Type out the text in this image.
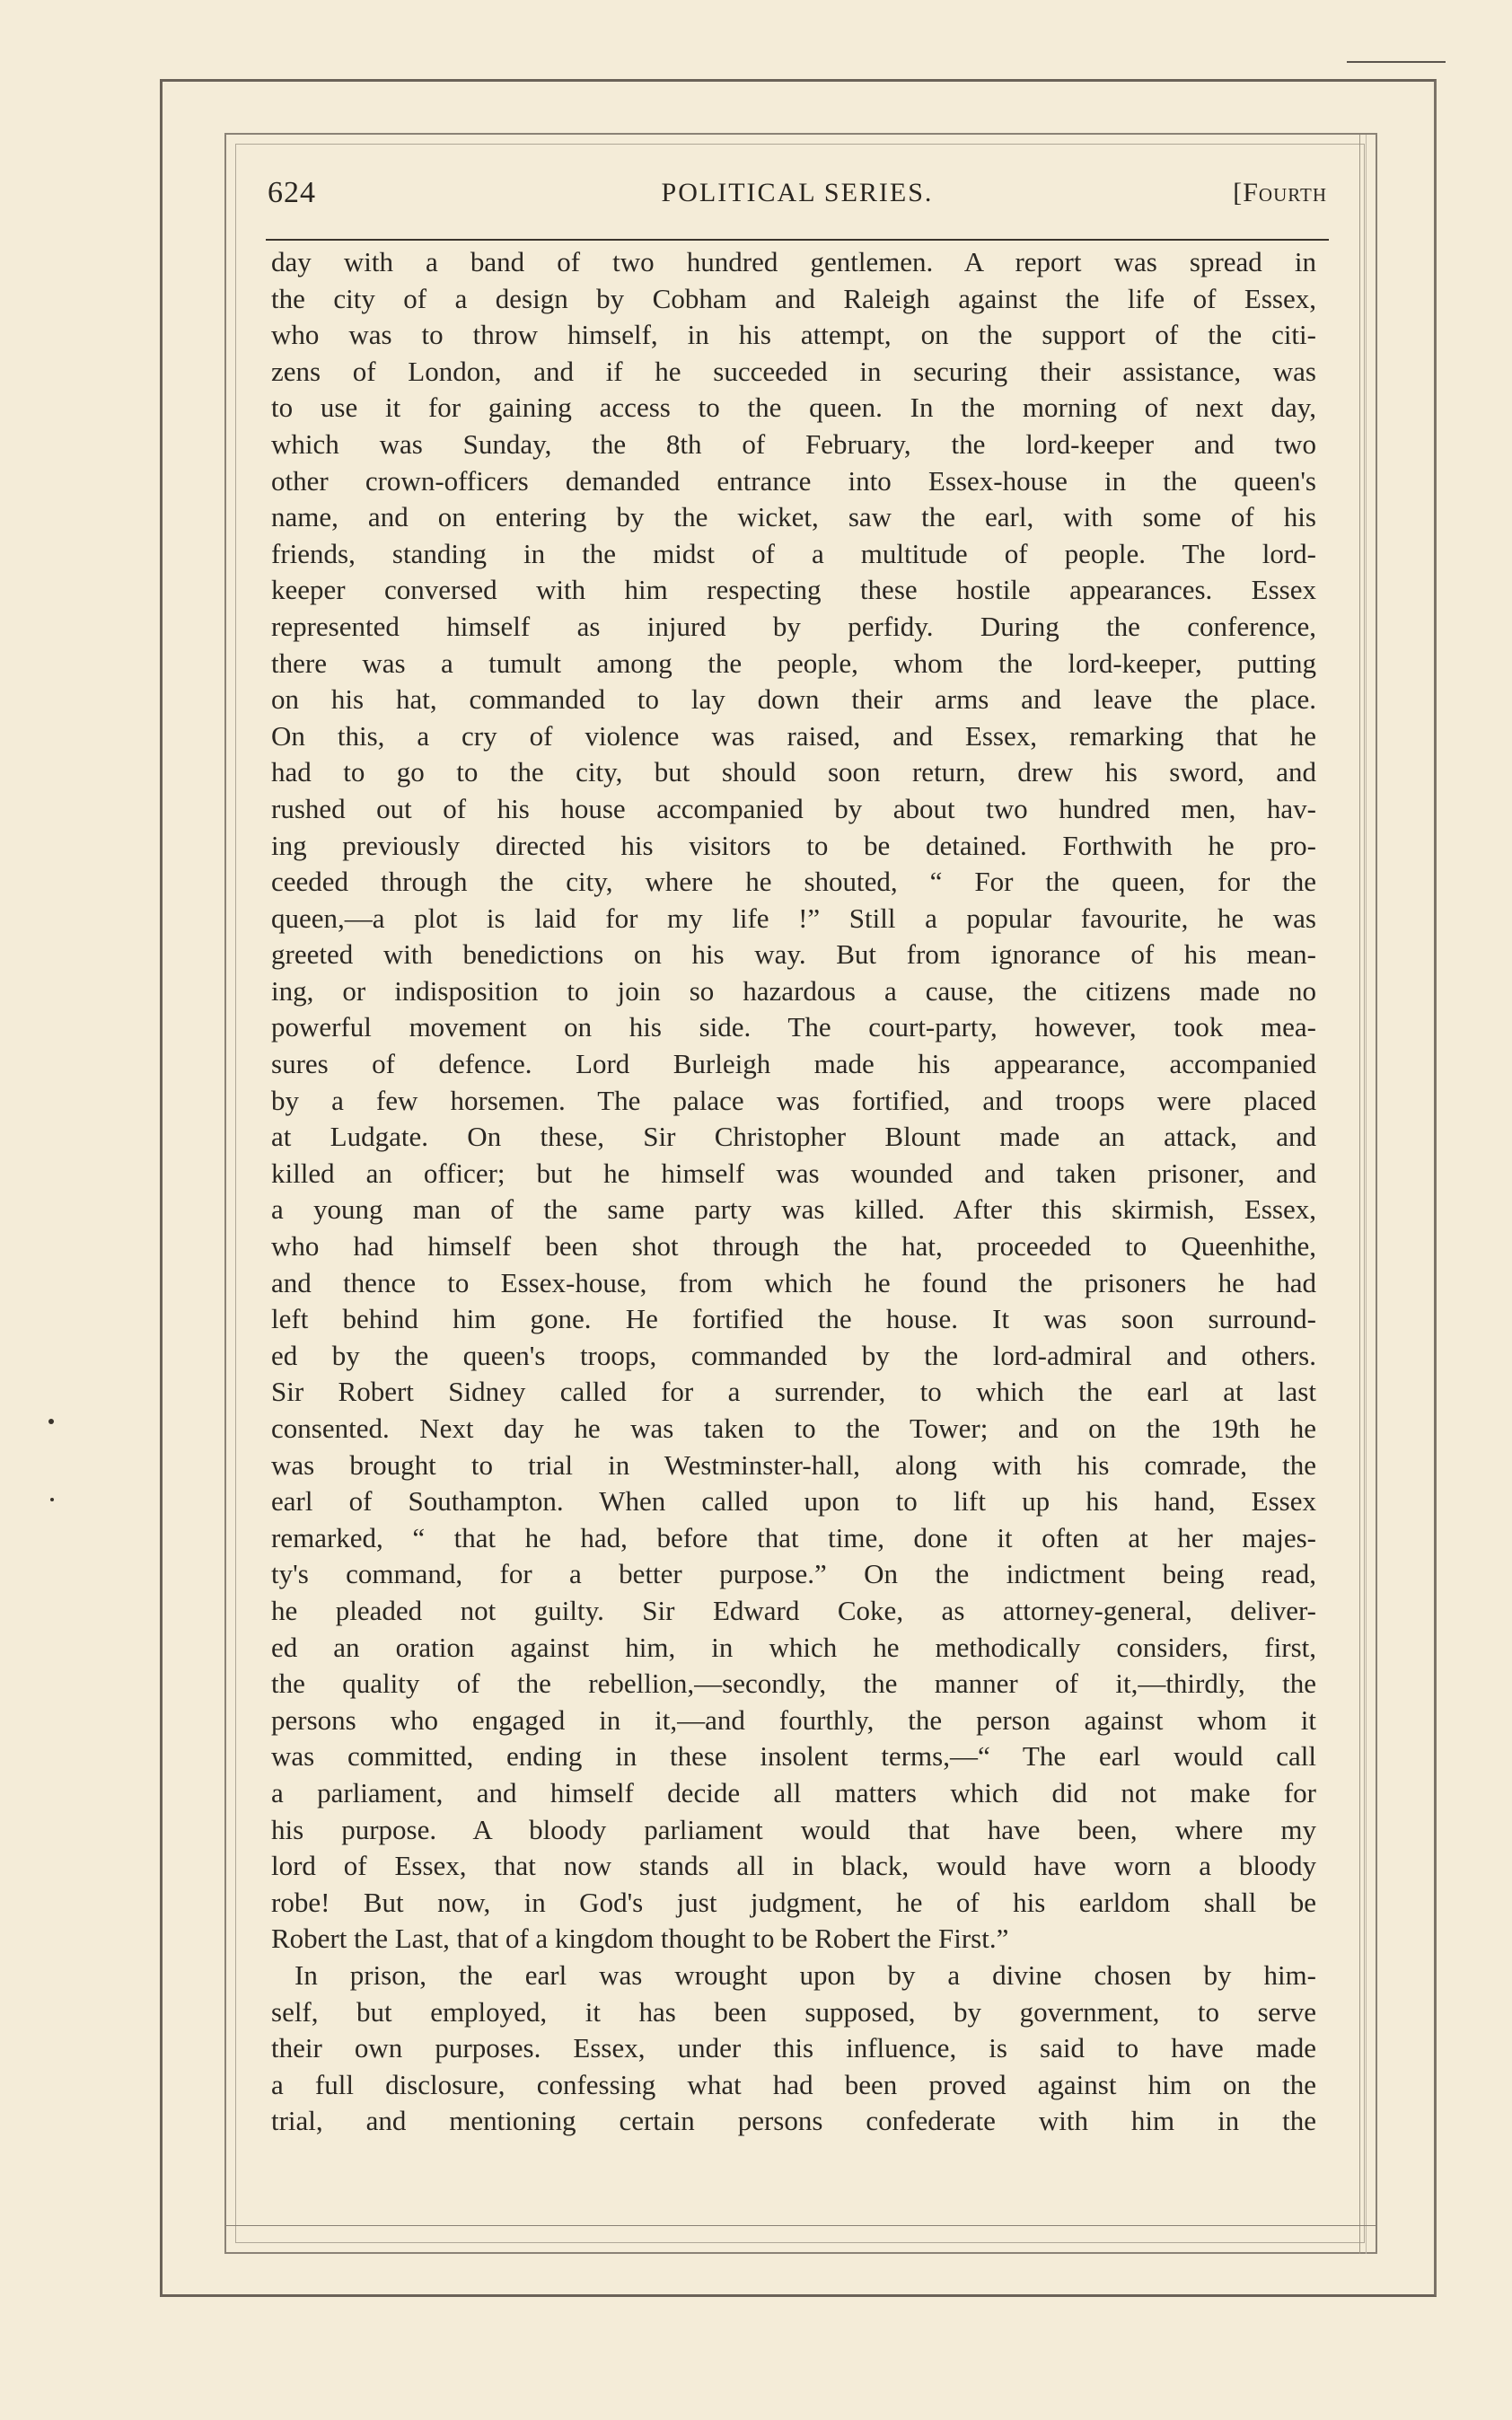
624	POLITICAL SERIES.	[Fourth
day with a band of two hundred gentlemen. A report was spread in
the city of a design by Cobham and Raleigh against the life of Essex,
who was to throw himself, in his attempt, on the support of the citi-
zens of London, and if he succeeded in securing their assistance, was
to use it for gaining access to the queen. In the morning of next day,
which was Sunday, the 8th of February, the lord-keeper and two
other crown-officers demanded entrance into Essex-house in the queen's
name, and on entering by the wicket, saw the earl, with some of his
friends, standing in the midst of a multitude of people. The lord-
keeper conversed with him respecting these hostile appearances. Essex
represented himself as injured by perfidy. During the conference,
there was a tumult among the people, whom the lord-keeper, putting
on his hat, commanded to lay down their arms and leave the place.
On this, a cry of violence was raised, and Essex, remarking that he
had to go to the city, but should soon return, drew his sword, and
rushed out of his house accompanied by about two hundred men, hav-
ing previously directed his visitors to be detained. Forthwith he pro-
ceeded through the city, where he shouted, “ For the queen, for the
queen,—a plot is laid for my life !” Still a popular favourite, he was
greeted with benedictions on his way. But from ignorance of his mean-
ing, or indisposition to join so hazardous a cause, the citizens made no
powerful movement on his side. The court-party, however, took mea-
sures of defence. Lord Burleigh made his appearance, accompanied
by a few horsemen. The palace was fortified, and troops were placed
at Ludgate. On these, Sir Christopher Blount made an attack, and
killed an officer; but he himself was wounded and taken prisoner, and
a young man of the same party was killed. After this skirmish, Essex,
who had himself been shot through the hat, proceeded to Queenhithe,
and thence to Essex-house, from which he found the prisoners he had
left behind him gone. He fortified the house. It was soon surround-
ed by the queen's troops, commanded by the lord-admiral and others.
Sir Robert Sidney called for a surrender, to which the earl at last
consented. Next day he was taken to the Tower; and on the 19th he
was brought to trial in Westminster-hall, along with his comrade, the
earl of Southampton. When called upon to lift up his hand, Essex
remarked, “ that he had, before that time, done it often at her majes-
ty's command, for a better purpose.” On the indictment being read,
he pleaded not guilty. Sir Edward Coke, as attorney-general, deliver-
ed an oration against him, in which he methodically considers, first,
the quality of the rebellion,—secondly, the manner of it,—thirdly, the
persons who engaged in it,—and fourthly, the person against whom it
was committed, ending in these insolent terms,—“ The earl would call
a parliament, and himself decide all matters which did not make for
his purpose. A bloody parliament would that have been, where my
lord of Essex, that now stands all in black, would have worn a bloody
robe! But now, in God's just judgment, he of his earldom shall be
Robert the Last, that of a kingdom thought to be Robert the First.”
In prison, the earl was wrought upon by a divine chosen by him-
self, but employed, it has been supposed, by government, to serve
their own purposes. Essex, under this influence, is said to have made
a full disclosure, confessing what had been proved against him on the
trial, and mentioning certain persons confederate with him in the
